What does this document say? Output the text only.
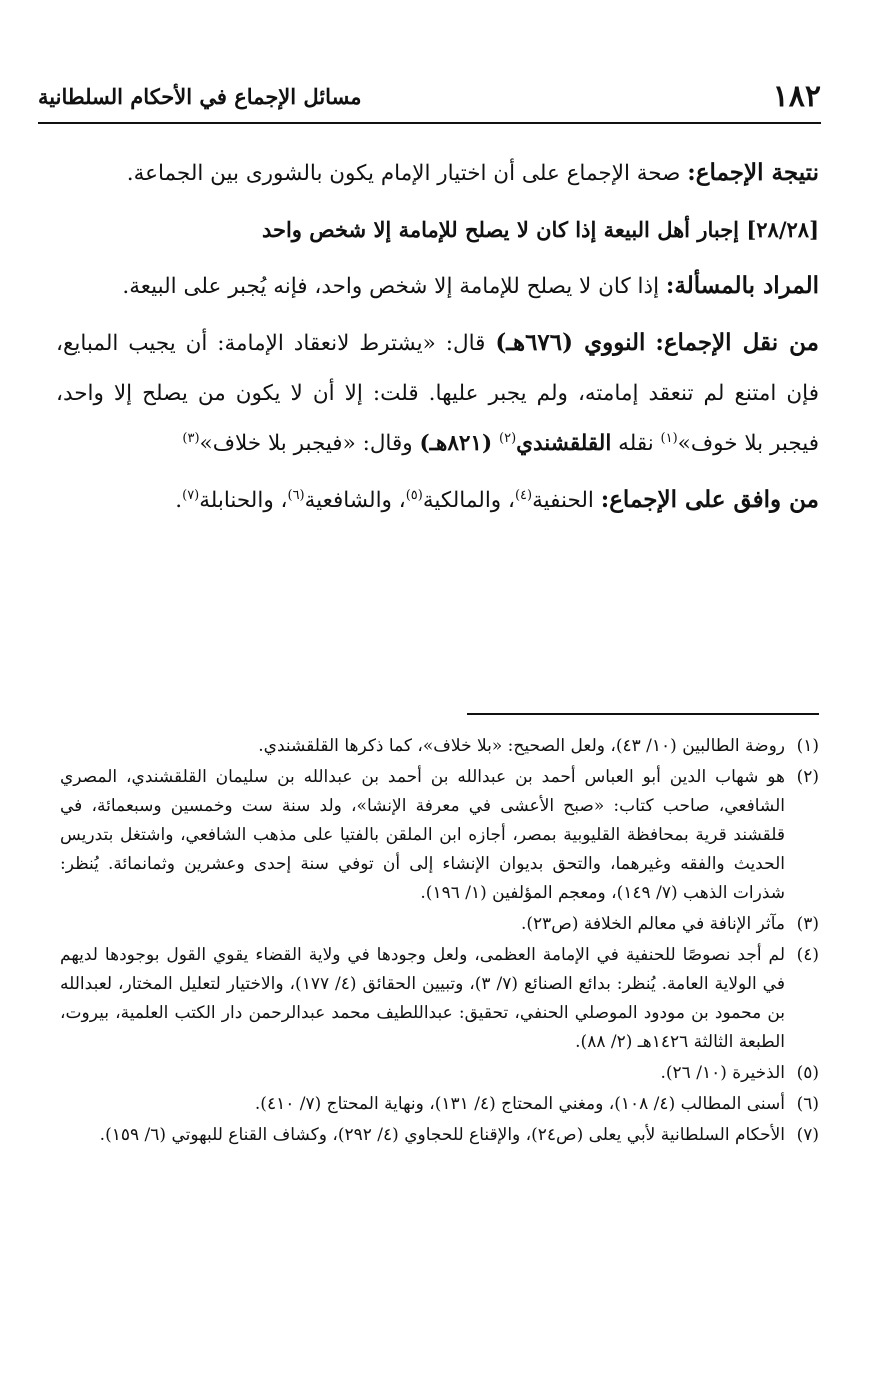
١٨٢
مسائل الإجماع في الأحكام السلطانية

نتيجة الإجماع: صحة الإجماع على أن اختيار الإمام يكون بالشورى بين الجماعة.

[٢٨/٢٨] إجبار أهل البيعة إذا كان لا يصلح للإمامة إلا شخص واحد

المراد بالمسألة: إذا كان لا يصلح للإمامة إلا شخص واحد، فإنه يُجبر على البيعة.

من نقل الإجماع: النووي (٦٧٦هـ) قال: «يشترط لانعقاد الإمامة: أن يجيب المبايع، فإن امتنع لم تنعقد إمامته، ولم يجبر عليها. قلت: إلا أن لا يكون من يصلح إلا واحد، فيجبر بلا خوف»$^{(١)}$ نقله القلقشندي$^{(٢)}$ (٨٢١هـ) وقال: «فيجبر بلا خلاف»$^{(٣)}$

من وافق على الإجماع: الحنفية$^{(٤)}$، والمالكية$^{(٥)}$، والشافعية$^{(٦)}$، والحنابلة$^{(٧)}$.

(١)
روضة الطالبين (١٠/ ٤٣)، ولعل الصحيح: «بلا خلاف»، كما ذكرها القلقشندي.
(٢)
هو شهاب الدين أبو العباس أحمد بن عبدالله بن أحمد بن عبدالله بن سليمان القلقشندي، المصري الشافعي، صاحب كتاب: «صبح الأعشى في معرفة الإنشا»، ولد سنة ست وخمسين وسبعمائة، في قلقشند قرية بمحافظة القليوبية بمصر، أجازه ابن الملقن بالفتيا على مذهب الشافعي، واشتغل بتدريس الحديث والفقه وغيرهما، والتحق بديوان الإنشاء إلى أن توفي سنة إحدى وعشرين وثمانمائة. يُنظر: شذرات الذهب (٧/ ١٤٩)، ومعجم المؤلفين (١/ ١٩٦).
(٣)
مآثر الإنافة في معالم الخلافة (ص٢٣).
(٤)
لم أجد نصوصًا للحنفية في الإمامة العظمى، ولعل وجودها في ولاية القضاء يقوي القول بوجودها لديهم في الولاية العامة. يُنظر: بدائع الصنائع (٧/ ٣)، وتبيين الحقائق (٤/ ١٧٧)، والاختيار لتعليل المختار، لعبدالله بن محمود بن مودود الموصلي الحنفي، تحقيق: عبداللطيف محمد عبدالرحمن دار الكتب العلمية، بيروت، الطبعة الثالثة ١٤٢٦هـ (٢/ ٨٨).
(٥)
الذخيرة (١٠/ ٢٦).
(٦)
أسنى المطالب (٤/ ١٠٨)، ومغني المحتاج (٤/ ١٣١)، ونهاية المحتاج (٧/ ٤١٠).
(٧)
الأحكام السلطانية لأبي يعلى (ص٢٤)، والإقناع للحجاوي (٤/ ٢٩٢)، وكشاف القناع للبهوتي (٦/ ١٥٩).
